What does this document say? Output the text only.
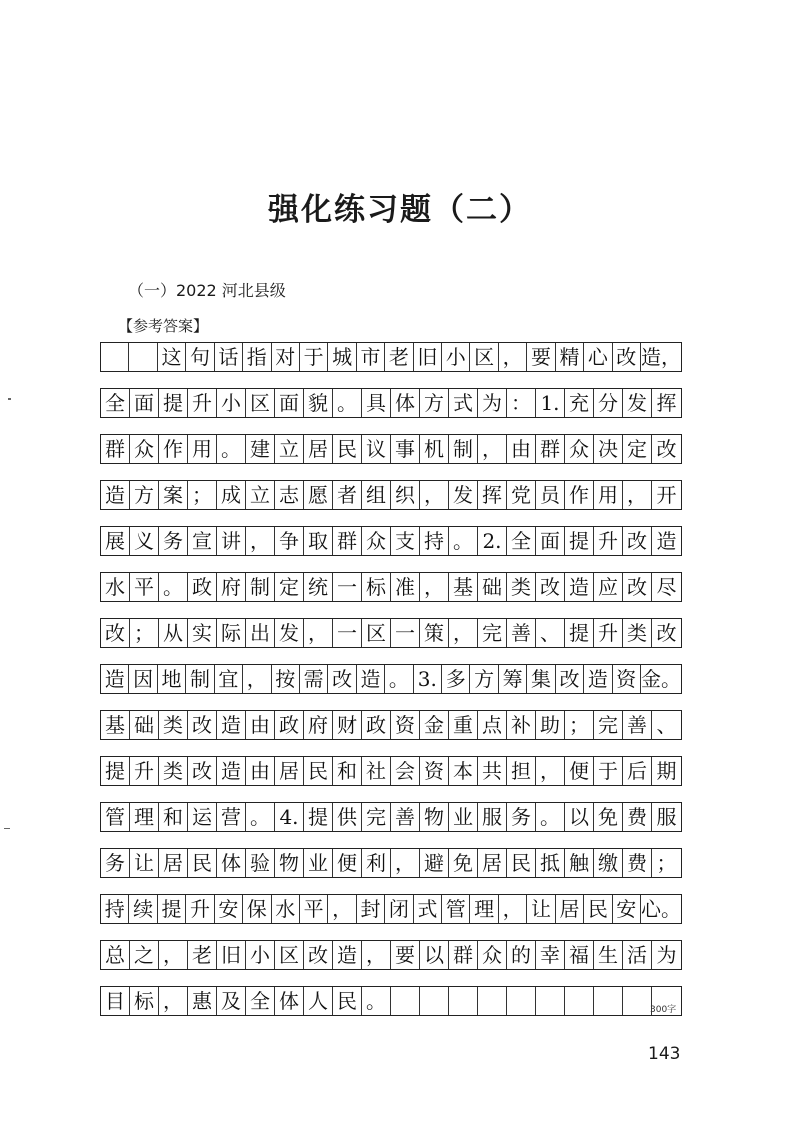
强化练习题（二）
（一）2022 河北县级
【参考答案】
这 句 话 指 对 于 城 市 老 旧 小 区 ， 要 精 心 改 造，
全 面 提 升 小 区 面 貌 。 具 体 方 式 为 ： 1. 充 分 发 挥
群 众 作 用 。 建 立 居 民 议 事 机 制 ， 由 群 众 决 定 改
造 方 案 ； 成 立 志 愿 者 组 织 ， 发 挥 党 员 作 用 ， 开
展 义 务 宣 讲 ， 争 取 群 众 支 持 。 2. 全 面 提 升 改 造
水 平 。 政 府 制 定 统 一 标 准 ， 基 础 类 改 造 应 改 尽
改 ； 从 实 际 出 发 ， 一 区 一 策 ， 完 善 、 提 升 类 改
造 因 地 制 宜 ， 按 需 改 造 。 3. 多 方 筹 集 改 造 资 金。
基 础 类 改 造 由 政 府 财 政 资 金 重 点 补 助 ； 完 善 、
提 升 类 改 造 由 居 民 和 社 会 资 本 共 担 ， 便 于 后 期
管 理 和 运 营 。 4. 提 供 完 善 物 业 服 务 。 以 免 费 服
务 让 居 民 体 验 物 业 便 利 ， 避 免 居 民 抵 触 缴 费 ；
持 续 提 升 安 保 水 平 ， 封 闭 式 管 理 ， 让 居 民 安 心。
总 之 ， 老 旧 小 区 改 造 ， 要 以 群 众 的 幸 福 生 活 为
目 标 ， 惠 及 全 体 人 民 。	300字
143
